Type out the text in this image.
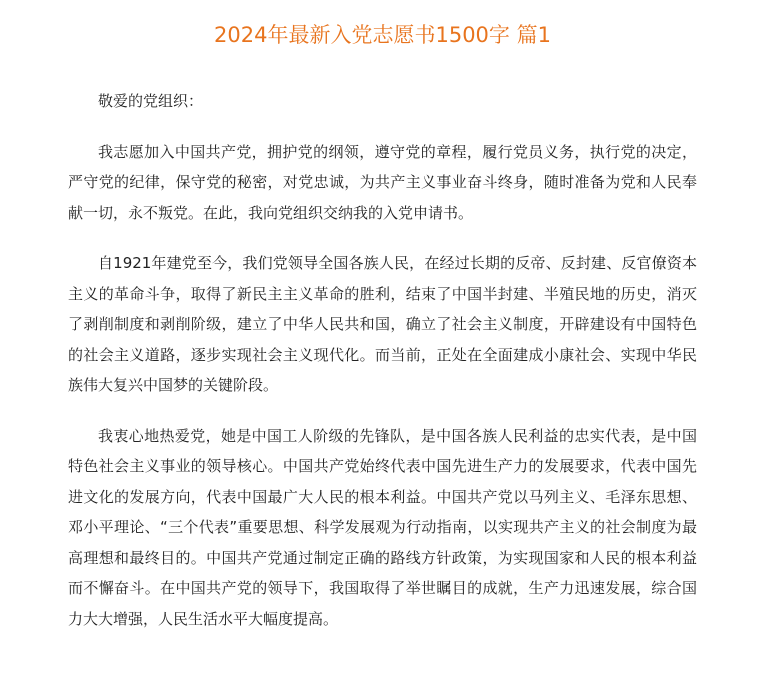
2024年最新入党志愿书1500字 篇1

敬爱的党组织：

我志愿加入中国共产党，拥护党的纲领，遵守党的章程，履行党员义务，执行党的决定，严守党的纪律，保守党的秘密，对党忠诚，为共产主义事业奋斗终身，随时准备为党和人民奉献一切，永不叛党。在此，我向党组织交纳我的入党申请书。

自1921年建党至今，我们党领导全国各族人民，在经过长期的反帝、反封建、反官僚资本主义的革命斗争，取得了新民主主义革命的胜利，结束了中国半封建、半殖民地的历史，消灭了剥削制度和剥削阶级，建立了中华人民共和国，确立了社会主义制度，开辟建设有中国特色的社会主义道路，逐步实现社会主义现代化。而当前，正处在全面建成小康社会、实现中华民族伟大复兴中国梦的关键阶段。

我衷心地热爱党，她是中国工人阶级的先锋队，是中国各族人民利益的忠实代表，是中国特色社会主义事业的领导核心。中国共产党始终代表中国先进生产力的发展要求，代表中国先进文化的发展方向，代表中国最广大人民的根本利益。中国共产党以马列主义、毛泽东思想、邓小平理论、“三个代表”重要思想、科学发展观为行动指南，以实现共产主义的社会制度为最高理想和最终目的。中国共产党通过制定正确的路线方针政策，为实现国家和人民的根本利益而不懈奋斗。在中国共产党的领导下，我国取得了举世瞩目的成就，生产力迅速发展，综合国力大大增强，人民生活水平大幅度提高。
